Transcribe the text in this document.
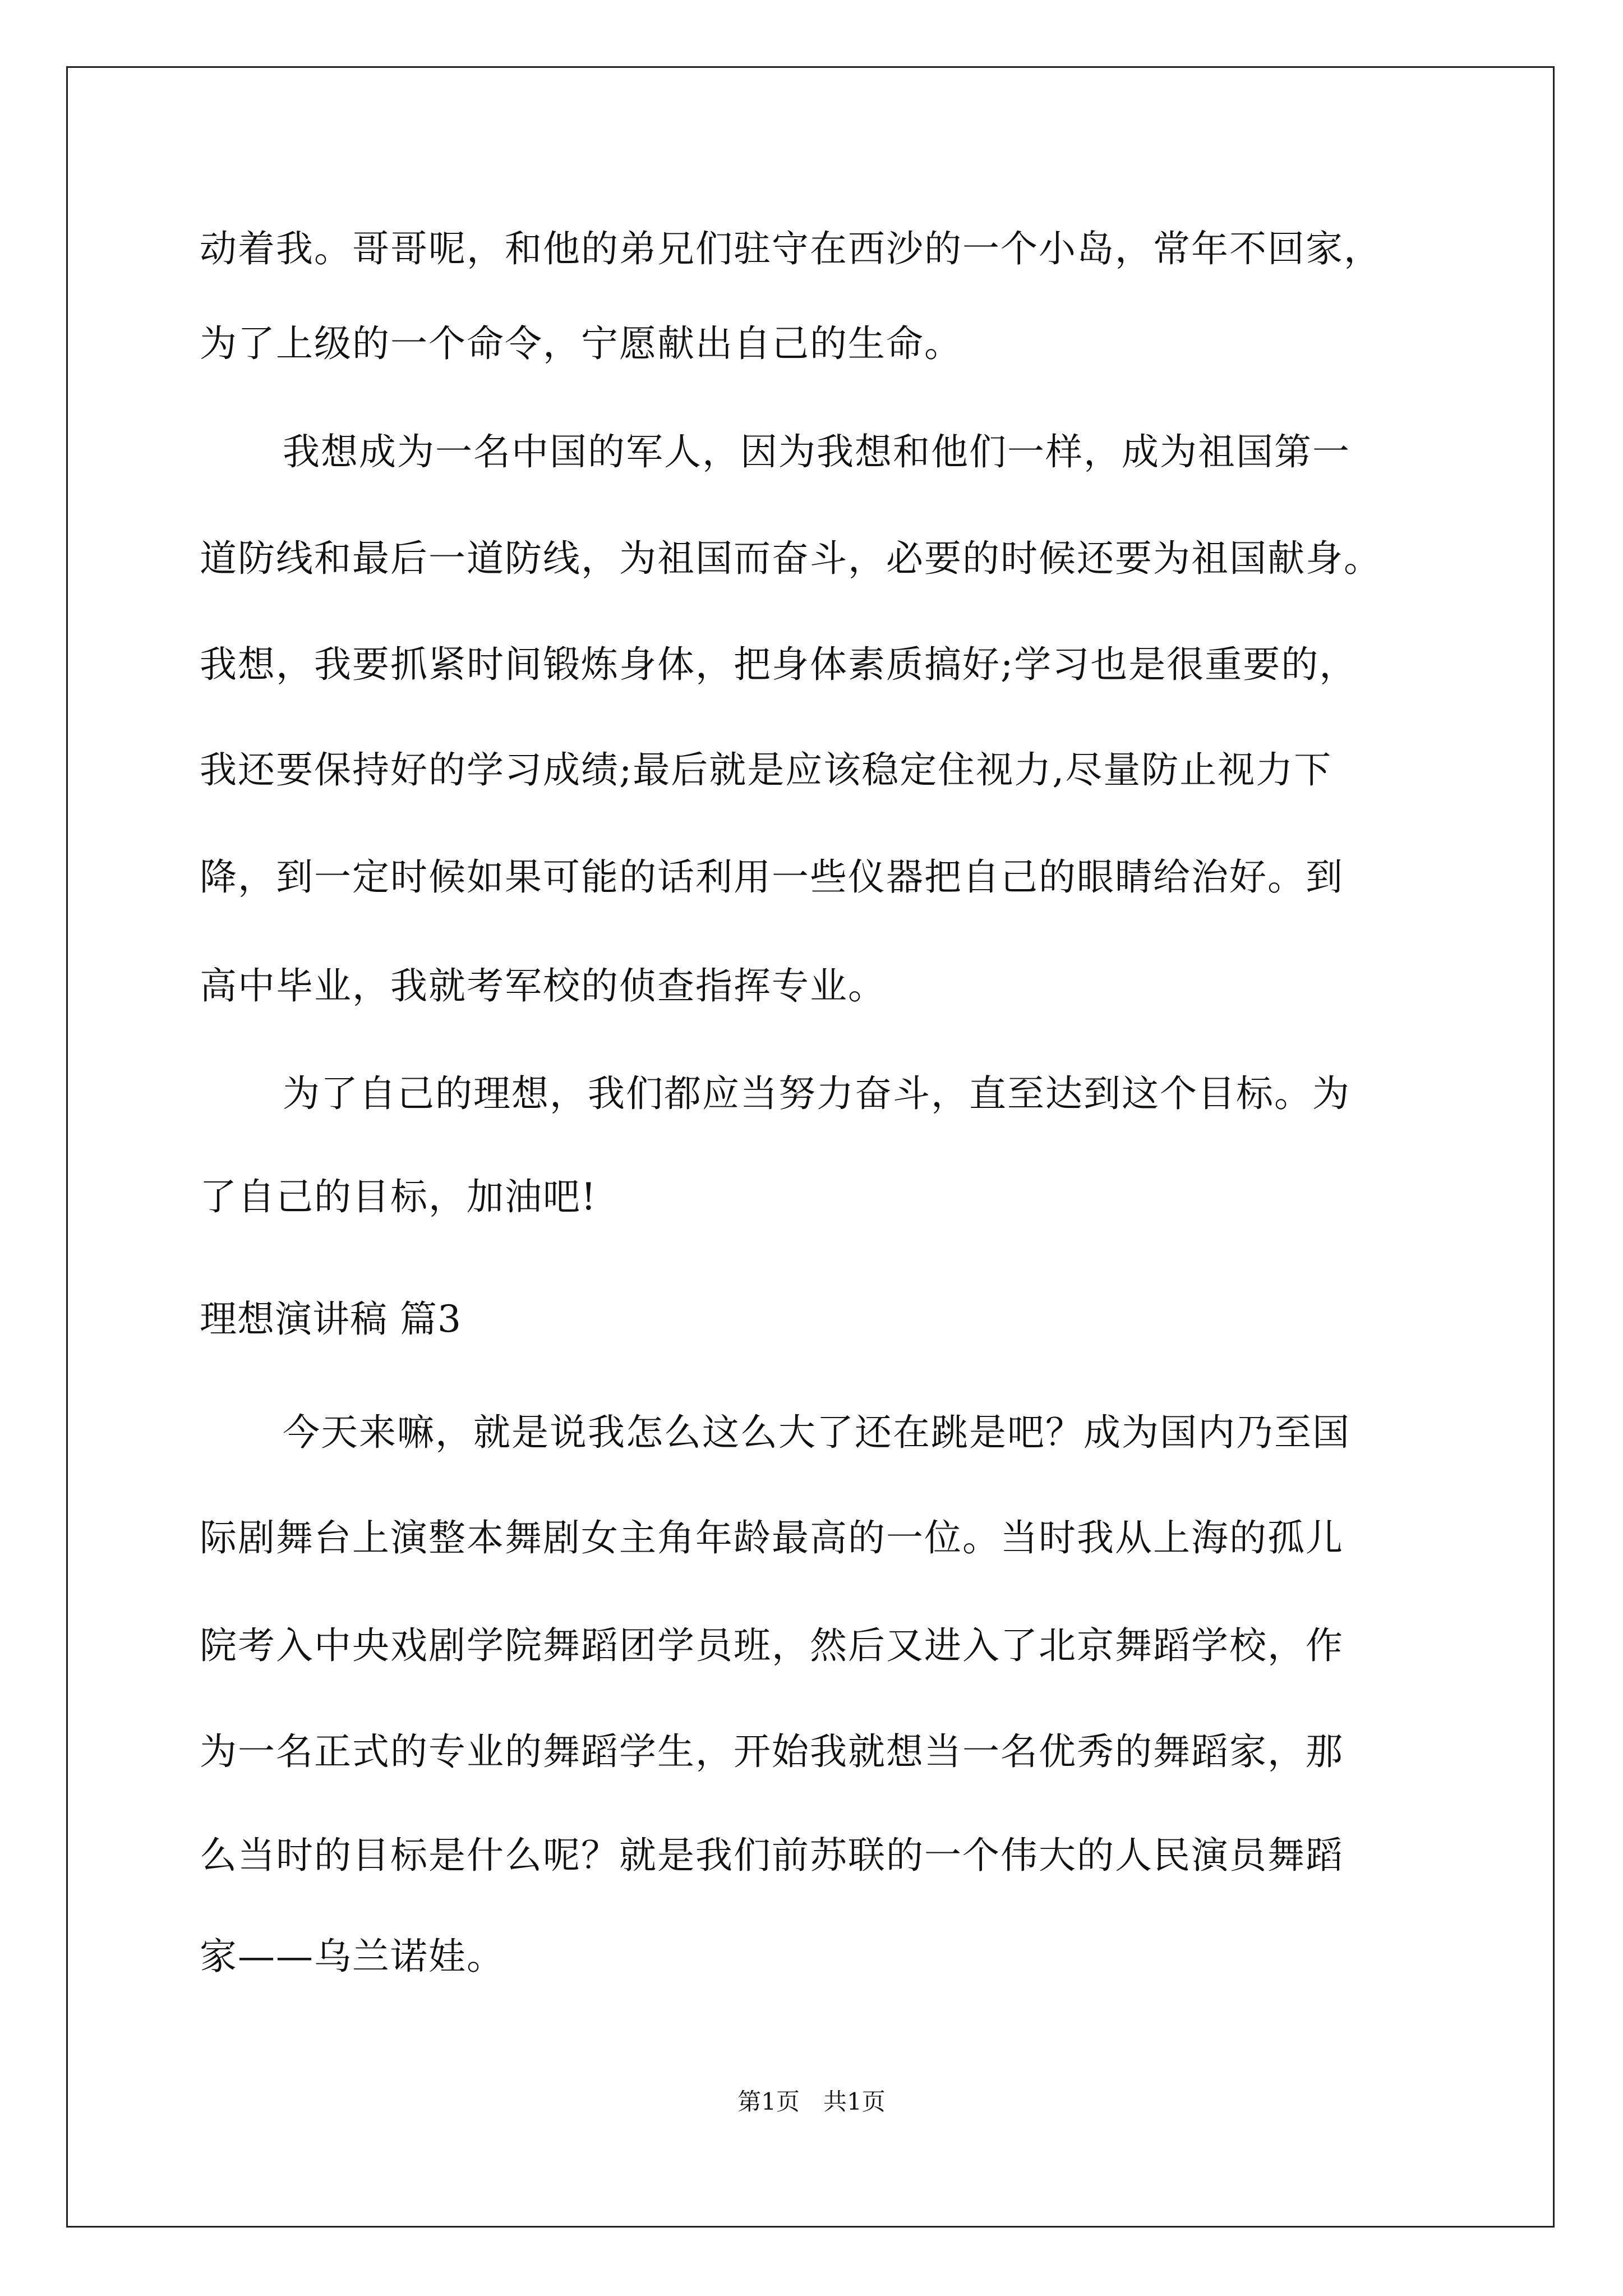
动着我。哥哥呢，和他的弟兄们驻守在西沙的一个小岛，常年不回家，
为了上级的一个命令，宁愿献出自己的生命。
我想成为一名中国的军人，因为我想和他们一样，成为祖国第一
道防线和最后一道防线，为祖国而奋斗，必要的时候还要为祖国献身。
我想，我要抓紧时间锻炼身体，把身体素质搞好;学习也是很重要的，
我还要保持好的学习成绩;最后就是应该稳定住视力,尽量防止视力下
降，到一定时候如果可能的话利用一些仪器把自己的眼睛给治好。到
高中毕业，我就考军校的侦查指挥专业。
为了自己的理想，我们都应当努力奋斗，直至达到这个目标。为
了自己的目标，加油吧!
理想演讲稿 篇3
今天来嘛，就是说我怎么这么大了还在跳是吧？成为国内乃至国
际剧舞台上演整本舞剧女主角年龄最高的一位。当时我从上海的孤儿
院考入中央戏剧学院舞蹈团学员班，然后又进入了北京舞蹈学校，作
为一名正式的专业的舞蹈学生，开始我就想当一名优秀的舞蹈家，那
么当时的目标是什么呢？就是我们前苏联的一个伟大的人民演员舞蹈
家——乌兰诺娃。
第1页　共1页
